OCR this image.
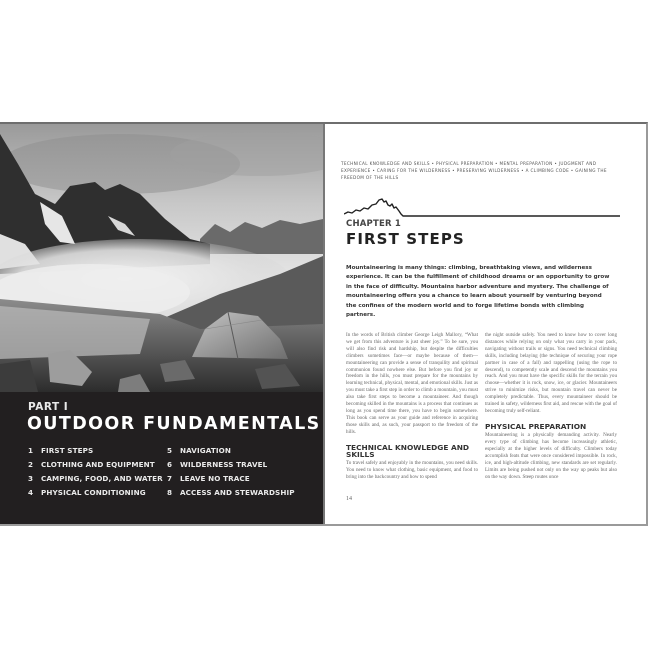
PART I
OUTDOOR FUNDAMENTALS
1 FIRST STEPS
2 CLOTHING AND EQUIPMENT
3 CAMPING, FOOD, AND WATER
4 PHYSICAL CONDITIONING
5 NAVIGATION
6 WILDERNESS TRAVEL
7 LEAVE NO TRACE
8 ACCESS AND STEWARDSHIP
TECHNICAL KNOWLEDGE AND SKILLS • PHYSICAL PREPARATION • MENTAL PREPARATION • JUDGMENT AND EXPERIENCE • CARING FOR THE WILDERNESS • PRESERVING WILDERNESS • A CLIMBING CODE • GAINING THE FREEDOM OF THE HILLS
CHAPTER 1
FIRST STEPS
Mountaineering is many things: climbing, breathtaking views, and wilderness experience. It can be the fulfillment of childhood dreams or an opportunity to grow in the face of difficulty. Mountains harbor adventure and mystery. The challenge of mountaineering offers you a chance to learn about yourself by venturing beyond the confines of the modern world and to forge lifetime bonds with climbing partners.
In the words of British climber George Leigh Mallory, “What we get from this adventure is just sheer joy.” To be sure, you will also find risk and hardship, but despite the difficulties climbers sometimes face—or maybe because of them—mountaineering can provide a sense of tranquility and spiritual communion found nowhere else. But before you find joy or freedom in the hills, you must prepare for the mountains by learning technical, physical, mental, and emotional skills. Just as you must take a first step in order to climb a mountain, you must also take first steps to become a mountaineer. And though becoming skilled in the mountains is a process that continues as long as you spend time there, you have to begin somewhere. This book can serve as your guide and reference in acquiring those skills and, as such, your passport to the freedom of the hills.
TECHNICAL KNOWLEDGE AND SKILLS
To travel safely and enjoyably in the mountains, you need skills. You need to know what clothing, basic equipment, and food to bring into the backcountry and how to spend
the night outside safely. You need to know how to cover long distances while relying on only what you carry in your pack, navigating without trails or signs. You need technical climbing skills, including belaying (the technique of securing your rope partner in case of a fall) and rappelling (using the rope to descend), to competently scale and descend the mountains you reach. And you must have the specific skills for the terrain you choose—whether it is rock, snow, ice, or glacier. Mountaineers strive to minimize risks, but mountain travel can never be completely predictable. Thus, every mountaineer should be trained in safety, wilderness first aid, and rescue with the goal of becoming truly self-reliant.
PHYSICAL PREPARATION
Mountaineering is a physically demanding activity. Nearly every type of climbing has become increasingly athletic, especially at the higher levels of difficulty. Climbers today accomplish feats that were once considered impossible. In rock, ice, and high-altitude climbing, new standards are set regularly. Limits are being pushed not only on the way up peaks but also on the way down. Steep routes once
14
